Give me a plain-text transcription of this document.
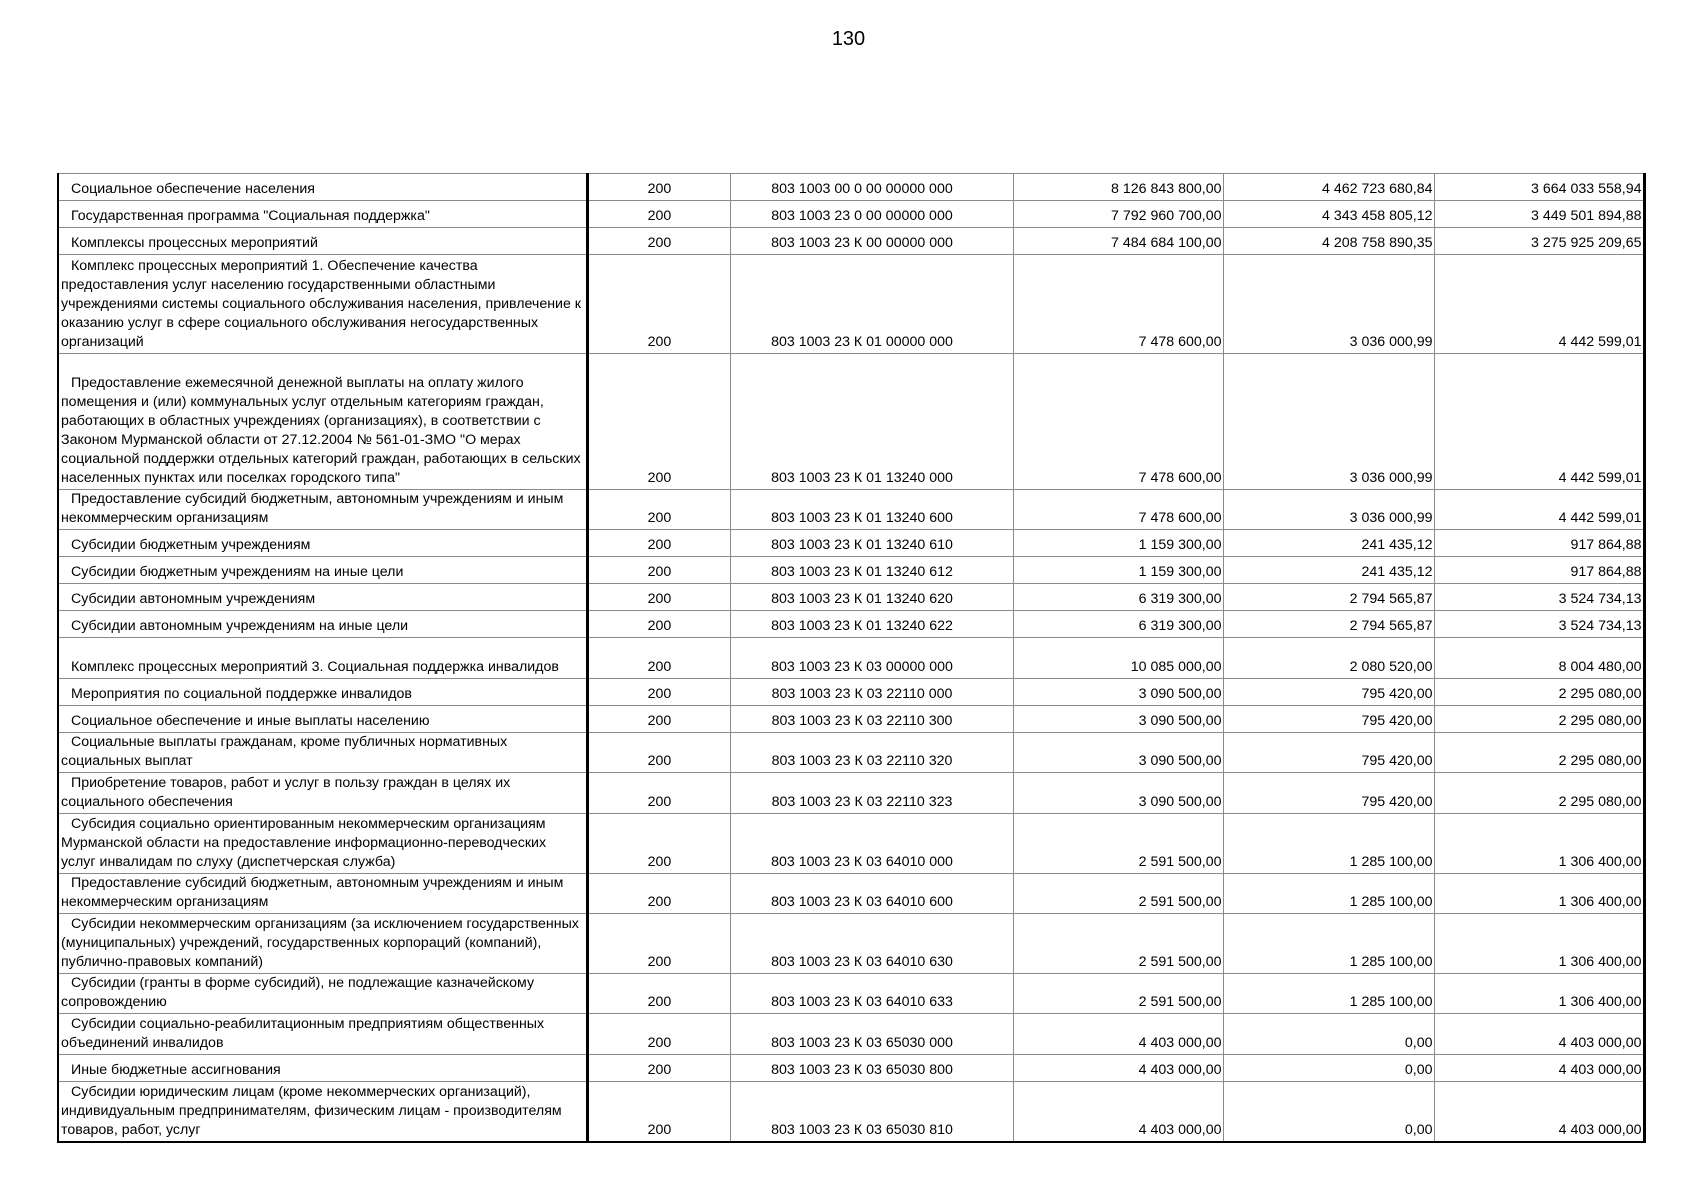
130
Социальное обеспечение населения	200	803 1003 00 0 00 00000 000	8 126 843 800,00	4 462 723 680,84	3 664 033 558,94
Государственная программа "Социальная поддержка"	200	803 1003 23 0 00 00000 000	7 792 960 700,00	4 343 458 805,12	3 449 501 894,88
Комплексы процессных мероприятий	200	803 1003 23 К 00 00000 000	7 484 684 100,00	4 208 758 890,35	3 275 925 209,65
Комплекс процессных мероприятий 1. Обеспечение качества предоставления услуг населению государственными областными учреждениями системы социального обслуживания населения, привлечение к оказанию услуг в сфере социального обслуживания негосударственных организаций	200	803 1003 23 К 01 00000 000	7 478 600,00	3 036 000,99	4 442 599,01
Предоставление ежемесячной денежной выплаты на оплату жилого помещения и (или) коммунальных услуг отдельным категориям граждан, работающих в областных учреждениях (организациях), в соответствии с Законом Мурманской области от 27.12.2004 № 561-01-ЗМО "О мерах социальной поддержки отдельных категорий граждан, работающих в сельских населенных пунктах или поселках городского типа"	200	803 1003 23 К 01 13240 000	7 478 600,00	3 036 000,99	4 442 599,01
Предоставление субсидий бюджетным, автономным учреждениям и иным некоммерческим организациям	200	803 1003 23 К 01 13240 600	7 478 600,00	3 036 000,99	4 442 599,01
Субсидии бюджетным учреждениям	200	803 1003 23 К 01 13240 610	1 159 300,00	241 435,12	917 864,88
Субсидии бюджетным учреждениям на иные цели	200	803 1003 23 К 01 13240 612	1 159 300,00	241 435,12	917 864,88
Субсидии автономным учреждениям	200	803 1003 23 К 01 13240 620	6 319 300,00	2 794 565,87	3 524 734,13
Субсидии автономным учреждениям на иные цели	200	803 1003 23 К 01 13240 622	6 319 300,00	2 794 565,87	3 524 734,13
Комплекс процессных мероприятий 3. Социальная поддержка инвалидов	200	803 1003 23 К 03 00000 000	10 085 000,00	2 080 520,00	8 004 480,00
Мероприятия по социальной поддержке инвалидов	200	803 1003 23 К 03 22110 000	3 090 500,00	795 420,00	2 295 080,00
Социальное обеспечение и иные выплаты населению	200	803 1003 23 К 03 22110 300	3 090 500,00	795 420,00	2 295 080,00
Социальные выплаты гражданам, кроме публичных нормативных социальных выплат	200	803 1003 23 К 03 22110 320	3 090 500,00	795 420,00	2 295 080,00
Приобретение товаров, работ и услуг в пользу граждан в целях их социального обеспечения	200	803 1003 23 К 03 22110 323	3 090 500,00	795 420,00	2 295 080,00
Субсидия социально ориентированным некоммерческим организациям Мурманской области на предоставление информационно-переводческих услуг инвалидам по слуху (диспетчерская служба)	200	803 1003 23 К 03 64010 000	2 591 500,00	1 285 100,00	1 306 400,00
Предоставление субсидий бюджетным, автономным учреждениям и иным некоммерческим организациям	200	803 1003 23 К 03 64010 600	2 591 500,00	1 285 100,00	1 306 400,00
Субсидии некоммерческим организациям (за исключением государственных (муниципальных) учреждений, государственных корпораций (компаний), публично-правовых компаний)	200	803 1003 23 К 03 64010 630	2 591 500,00	1 285 100,00	1 306 400,00
Субсидии (гранты в форме субсидий), не подлежащие казначейскому сопровождению	200	803 1003 23 К 03 64010 633	2 591 500,00	1 285 100,00	1 306 400,00
Субсидии социально-реабилитационным предприятиям общественных объединений инвалидов	200	803 1003 23 К 03 65030 000	4 403 000,00	0,00	4 403 000,00
Иные бюджетные ассигнования	200	803 1003 23 К 03 65030 800	4 403 000,00	0,00	4 403 000,00
Субсидии юридическим лицам (кроме некоммерческих организаций), индивидуальным предпринимателям, физическим лицам - производителям товаров, работ, услуг	200	803 1003 23 К 03 65030 810	4 403 000,00	0,00	4 403 000,00
